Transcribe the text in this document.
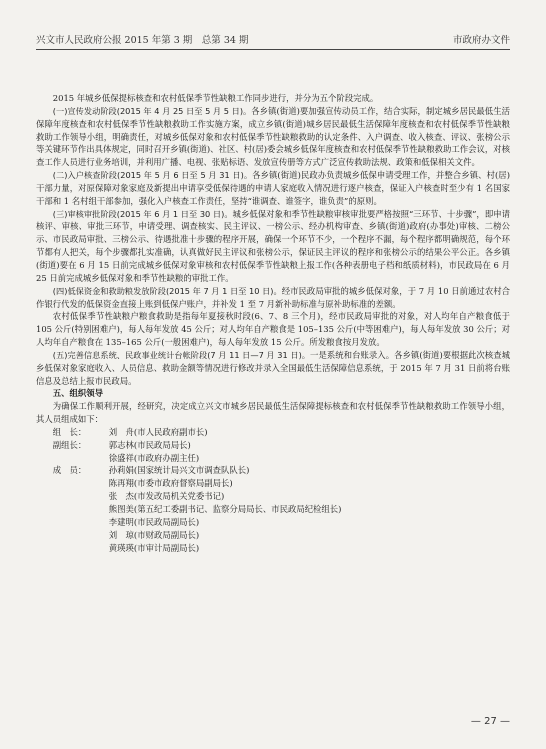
兴文市人民政府公报 2015 年第 3 期　总第 34 期	市政府办文件

2015 年城乡低保提标核查和农村低保季节性缺粮工作同步进行，并分为五个阶段完成。

(一)宣传发动阶段(2015 年 4 月 25 日至 5 月 5 日)。各乡镇(街道)要加强宣传动员工作，结合实际，制定城乡居民最低生活保障年度核查和农村低保季节性缺粮救助工作实施方案，成立乡镇(街道)城乡居民最低生活保障年度核查和农村低保季节性缺粮救助工作领导小组，明确责任，对城乡低保对象和农村低保季节性缺粮救助的认定条件、入户调查、收入核查、评议、张榜公示等关键环节作出具体规定，同时召开乡镇(街道)、社区、村(居)委会城乡低保年度核查和农村低保季节性缺粮救助工作会议，对核查工作人员进行业务培训，并利用广播、电视、张贴标语、发放宣传册等方式广泛宣传救助法规、政策和低保相关文件。

(二)入户核查阶段(2015 年 5 月 6 日至 5 月 31 日)。各乡镇(街道)民政办负责城乡低保申请受理工作，并整合乡镇、村(居)干部力量，对原保障对象家庭及新提出申请享受低保待遇的申请人家庭收入情况进行逐户核查，保证入户核查时至少有 1 名国家干部和 1 名村组干部参加，强化入户核查工作责任，坚持“谁调查、谁签字，谁负责”的原则。

(三)审核审批阶段(2015 年 6 月 1 日至 30 日)。城乡低保对象和季节性缺粮审核审批要严格按照“三环节、十步骤”，即申请核评、审核、审批三环节，申请受理、调查核实、民主评议、一榜公示、经办机构审查、乡镇(街道)政府(办事处)审核、二榜公示、市民政局审批、三榜公示、待遇批准十步骤的程序开展，确保一个环节不少，一个程序不漏，每个程序都明确规范，每个环节都有人把关，每个步骤都扎实准确，认真做好民主评议和张榜公示，保证民主评议的程序和张榜公示的结果公平公正。各乡镇(街道)要在 6 月 15 日前完成城乡低保对象审核和农村低保季节性缺粮上报工作(各种表册电子档和纸质材料)，市民政局在 6 月 25 日前完成城乡低保对象和季节性缺粮的审批工作。

(四)低保资金和救助粮发放阶段(2015 年 7 月 1 日至 10 日)。经市民政局审批的城乡低保对象，于 7 月 10 日前通过农村合作银行代发的低保资金直接上账到低保户账户，并补发 1 至 7 月新补助标准与原补助标准的差额。

农村低保季节性缺粮户粮食救助是指每年夏接秋时段(6、7、8 三个月)，经市民政局审批的对象，对人均年自产粮食低于 105 公斤(特别困难户)，每人每年发放 45 公斤；对人均年自产粮食是 105–135 公斤(中等困难户)，每人每年发放 30 公斤；对人均年自产粮食在 135–165 公斤(一般困难户)，每人每年发放 15 公斤。所发粮食按月发放。

(五)完善信息系统、民政事业统计台帐阶段(7 月 11 日—7 月 31 日)。一是系统和台账录入。各乡镇(街道)要根据此次核查城乡低保对象家庭收入、人员信息、救助金额等情况进行修改并录入全国最低生活保障信息系统，于 2015 年 7 月 31 日前将台账信息及总结上报市民政局。

五、组织领导

为确保工作顺利开展，经研究，决定成立兴文市城乡居民最低生活保障提标核查和农村低保季节性缺粮救助工作领导小组，其人员组成如下：

组　长：	刘　舟(市人民政府副市长)
副组长：	郭志林(市民政局局长)
徐盛祥(市政府办副主任)
成　员：	孙莉娟(国家统计局兴文市调查队队长)
陈再翔(市委市政府督察局副局长)
张　杰(市发改局机关党委书记)
熊图美(第五纪工委副书记、监察分局局长、市民政局纪检组长)
李建明(市民政局副局长)
刘　琼(市财政局副局长)
黄瑛瑛(市审计局副局长)
— 27 —
